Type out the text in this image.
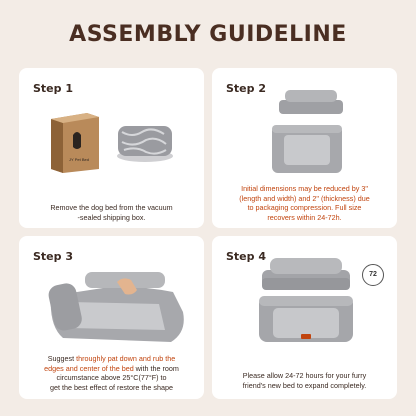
ASSEMBLY GUIDELINE
Step 1
JY Pet Bed
Remove the dog bed from the vacuum
-sealed shipping box.
Step 2
Initial dimensions may be reduced by 3"
(length and width) and 2" (thickness) due
to packaging compression. Full size
recovers within 24-72h.
Step 3
Suggest throughly pat down and rub the
edges and center of the bed with the room
circumstance above 25°C(77°F) to
get the best effect of restore the shape
Step 4
72
Please allow 24-72 hours for your furry
friend's new bed to expand completely.
